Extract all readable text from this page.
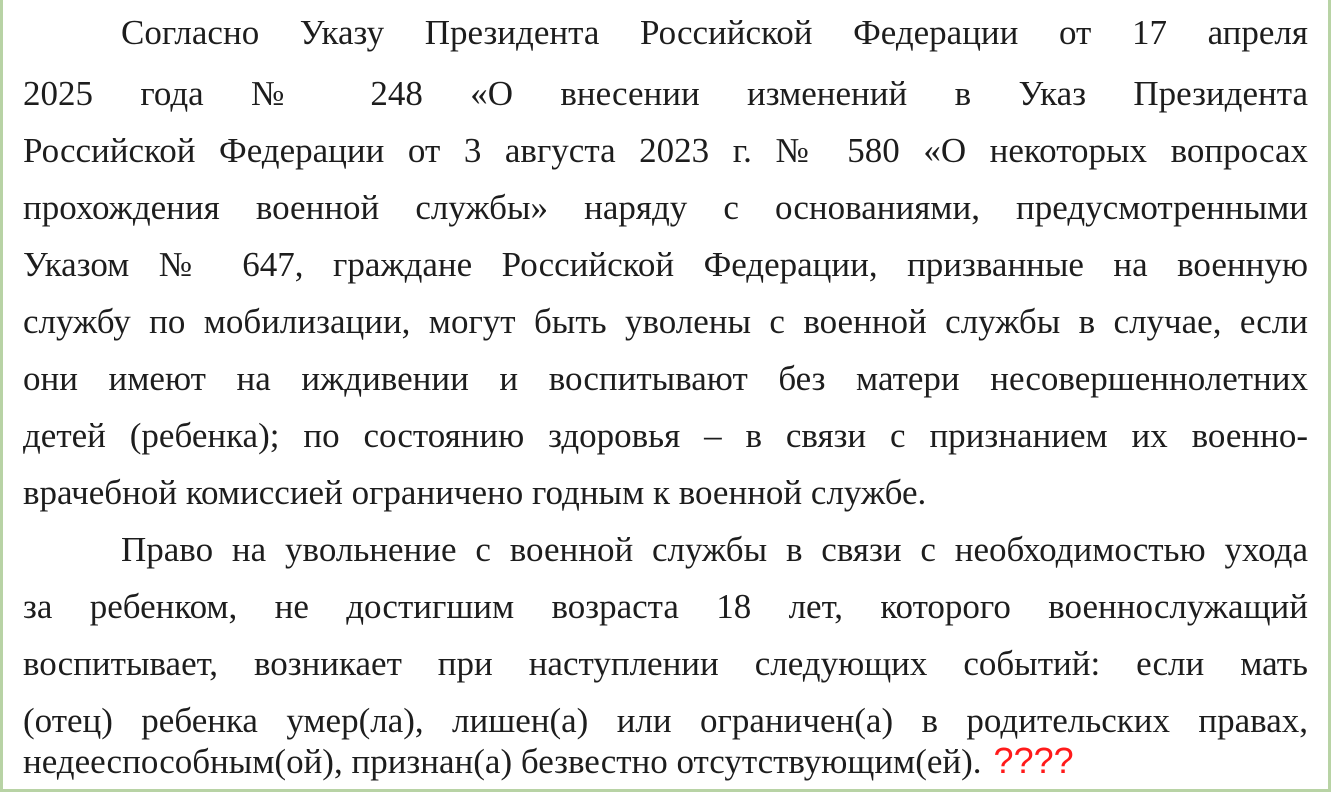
Согласно Указу Президента Российской Федерации от 17 апреля
2025 года № 248 «О внесении изменений в Указ Президента
Российской Федерации от 3 августа 2023 г. № 580 «О некоторых вопросах
прохождения военной службы» наряду с основаниями, предусмотренными
Указом № 647, граждане Российской Федерации, призванные на военную
службу по мобилизации, могут быть уволены с военной службы в случае, если
они имеют на иждивении и воспитывают без матери несовершеннолетних
детей (ребенка); по состоянию здоровья – в связи с признанием их военно-
врачебной комиссией ограничено годным к военной службе.
Право на увольнение с военной службы в связи с необходимостью ухода
за ребенком, не достигшим возраста 18 лет, которого военнослужащий
воспитывает, возникает при наступлении следующих событий: если мать
(отец) ребенка умер(ла), лишен(а) или ограничен(а) в родительских правах,
недееспособным(ой), признан(а) безвестно отсутствующим(ей). ????
